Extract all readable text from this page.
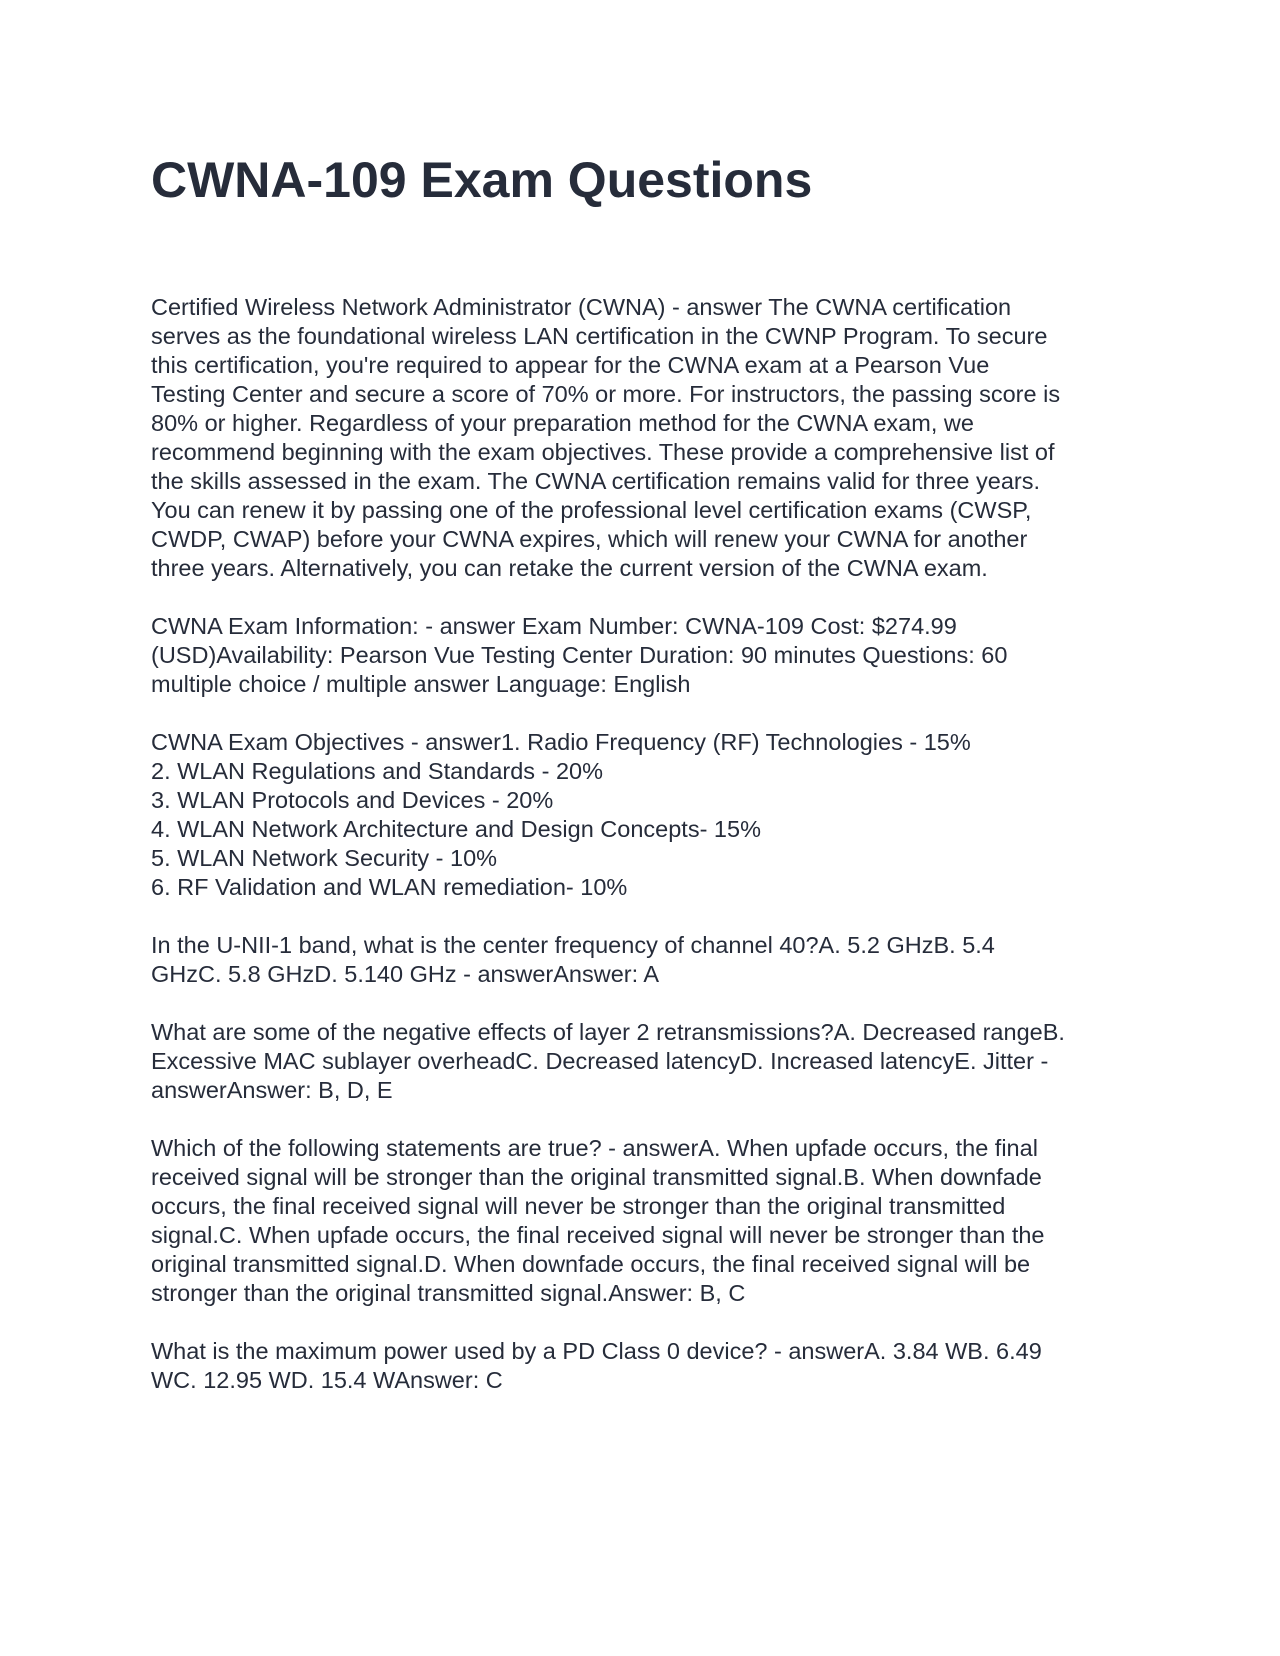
CWNA-109 Exam Questions

Certified Wireless Network Administrator (CWNA) - answer The CWNA certification
serves as the foundational wireless LAN certification in the CWNP Program. To secure
this certification, you're required to appear for the CWNA exam at a Pearson Vue
Testing Center and secure a score of 70% or more. For instructors, the passing score is
80% or higher. Regardless of your preparation method for the CWNA exam, we
recommend beginning with the exam objectives. These provide a comprehensive list of
the skills assessed in the exam. The CWNA certification remains valid for three years.
You can renew it by passing one of the professional level certification exams (CWSP,
CWDP, CWAP) before your CWNA expires, which will renew your CWNA for another
three years. Alternatively, you can retake the current version of the CWNA exam.

CWNA Exam Information: - answer Exam Number: CWNA-109 Cost: $274.99
(USD)Availability: Pearson Vue Testing Center Duration: 90 minutes Questions: 60
multiple choice / multiple answer Language: English

CWNA Exam Objectives - answer1. Radio Frequency (RF) Technologies - 15%
2. WLAN Regulations and Standards - 20%
3. WLAN Protocols and Devices - 20%
4. WLAN Network Architecture and Design Concepts- 15%
5. WLAN Network Security - 10%
6. RF Validation and WLAN remediation- 10%

In the U-NII-1 band, what is the center frequency of channel 40?A. 5.2 GHzB. 5.4
GHzC. 5.8 GHzD. 5.140 GHz - answerAnswer: A

What are some of the negative effects of layer 2 retransmissions?A. Decreased rangeB.
Excessive MAC sublayer overheadC. Decreased latencyD. Increased latencyE. Jitter -
answerAnswer: B, D, E

Which of the following statements are true? - answerA. When upfade occurs, the final
received signal will be stronger than the original transmitted signal.B. When downfade
occurs, the final received signal will never be stronger than the original transmitted
signal.C. When upfade occurs, the final received signal will never be stronger than the
original transmitted signal.D. When downfade occurs, the final received signal will be
stronger than the original transmitted signal.Answer: B, C

What is the maximum power used by a PD Class 0 device? - answerA. 3.84 WB. 6.49
WC. 12.95 WD. 15.4 WAnswer: C
